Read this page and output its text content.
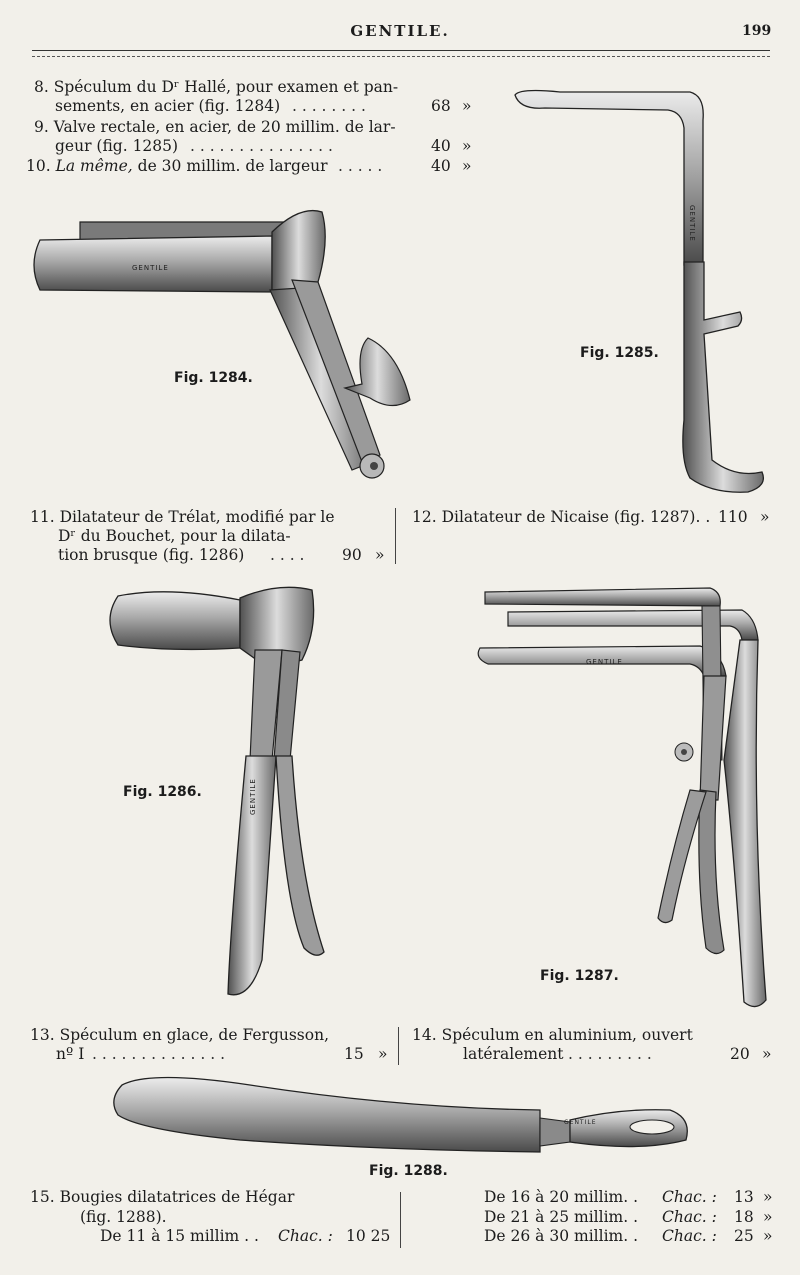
GENTILE.	199
8. Spéculum du Dʳ Hallé, pour examen et pan-
sements, en acier (fig. 1284) . . . . . . . .	68 »
9. Valve rectale, en acier, de 20 millim. de lar-
geur (fig. 1285) . . . . . . . . . . . . . . .	40 »
10. La même, de 30 millim. de largeur . . . . .	40 »
GENTILE
GENTILE
GENTILE
GENTILE
GENTILE
Fig. 1284.
Fig. 1285.
Fig. 1286.
Fig. 1287.
Fig. 1288.
11. Dilatateur de Trélat, modifié par le
Dʳ du Bouchet, pour la dilata-
tion brusque (fig. 1286) . . . . 90 »
12. Dilatateur de Nicaise (fig. 1287). . 110 »
13. Spéculum en glace, de Fergusson,
nº I . . . . . . . . . . . . . .	15 »
14. Spéculum en aluminium, ouvert
latéralement . . . . . . . . .	20 »
15. Bougies dilatatrices de Hégar
(fig. 1288).
De 11 à 15 millim . . Chac. : 10 25
De 16 à 20 millim. . Chac. : 13 »
De 21 à 25 millim. . Chac. : 18 »
De 26 à 30 millim. . Chac. : 25 »
